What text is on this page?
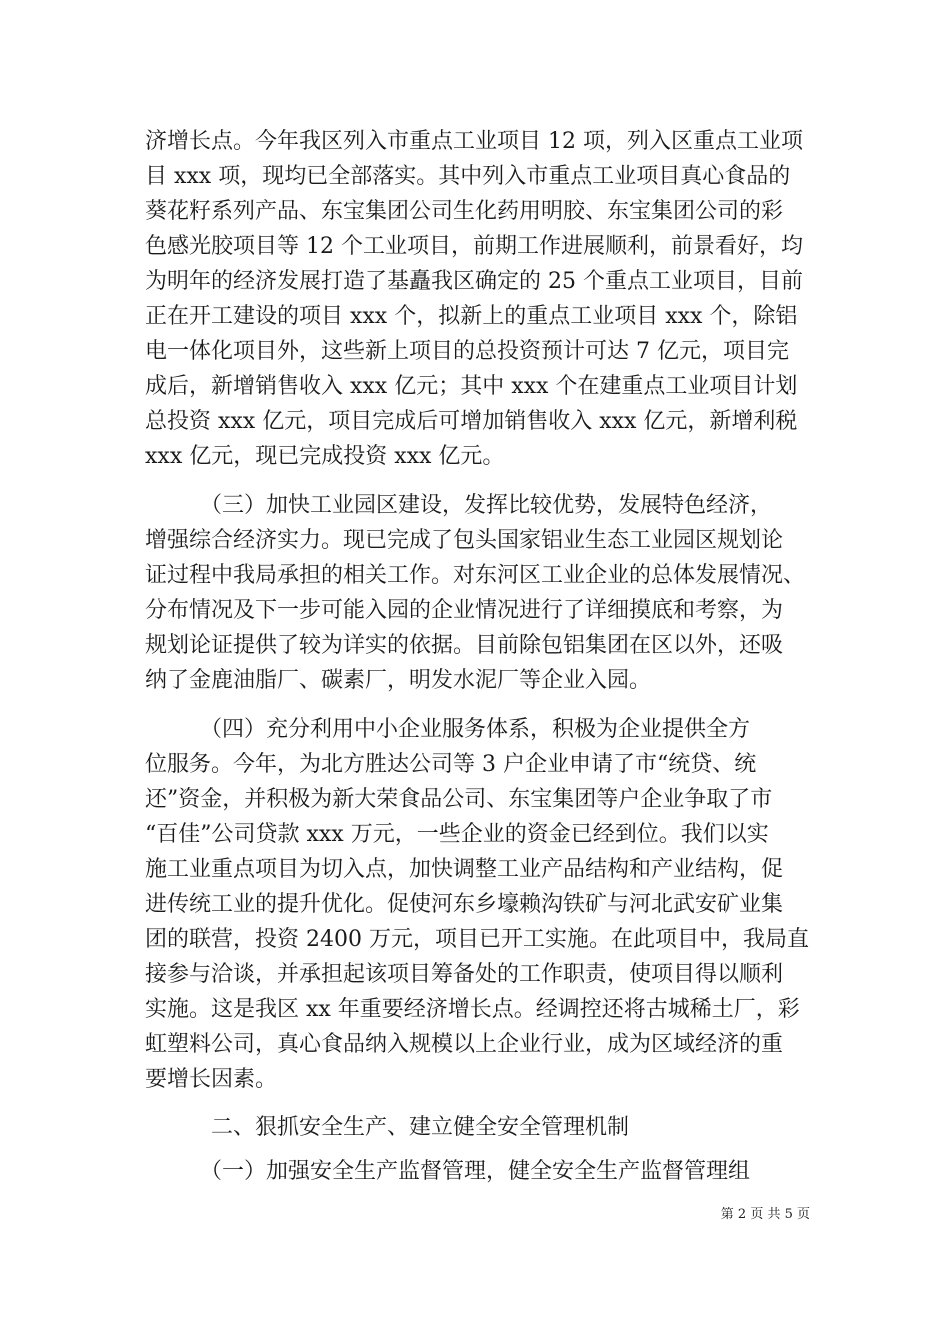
济增长点。今年我区列入市重点工业项目 12 项，列入区重点工业项
目 xxx 项，现均已全部落实。其中列入市重点工业项目真心食品的
葵花籽系列产品、东宝集团公司生化药用明胶、东宝集团公司的彩
色感光胶项目等 12 个工业项目，前期工作进展顺利，前景看好，均
为明年的经济发展打造了基矗我区确定的 25 个重点工业项目，目前
正在开工建设的项目 xxx 个，拟新上的重点工业项目 xxx 个，除铝
电一体化项目外，这些新上项目的总投资预计可达 7 亿元，项目完
成后，新增销售收入 xxx 亿元；其中 xxx 个在建重点工业项目计划
总投资 xxx 亿元，项目完成后可增加销售收入 xxx 亿元，新增利税
xxx 亿元，现已完成投资 xxx 亿元。
　　　（三）加快工业园区建设，发挥比较优势，发展特色经济，
增强综合经济实力。现已完成了包头国家铝业生态工业园区规划论
证过程中我局承担的相关工作。对东河区工业企业的总体发展情况、
分布情况及下一步可能入园的企业情况进行了详细摸底和考察，为
规划论证提供了较为详实的依据。目前除包铝集团在区以外，还吸
纳了金鹿油脂厂、碳素厂，明发水泥厂等企业入园。
　　　（四）充分利用中小企业服务体系，积极为企业提供全方
位服务。今年，为北方胜达公司等 3 户企业申请了市“统贷、统
还”资金，并积极为新大荣食品公司、东宝集团等户企业争取了市
“百佳”公司贷款 xxx 万元，一些企业的资金已经到位。我们以实
施工业重点项目为切入点，加快调整工业产品结构和产业结构，促
进传统工业的提升优化。促使河东乡壕赖沟铁矿与河北武安矿业集
团的联营，投资 2400 万元，项目已开工实施。在此项目中，我局直
接参与洽谈，并承担起该项目筹备处的工作职责，使项目得以顺利
实施。这是我区 xx 年重要经济增长点。经调控还将古城稀土厂，彩
虹塑料公司，真心食品纳入规模以上企业行业，成为区域经济的重
要增长因素。
　　　二、狠抓安全生产、建立健全安全管理机制
　　　（一）加强安全生产监督管理，健全安全生产监督管理组
第 2 页 共 5 页
